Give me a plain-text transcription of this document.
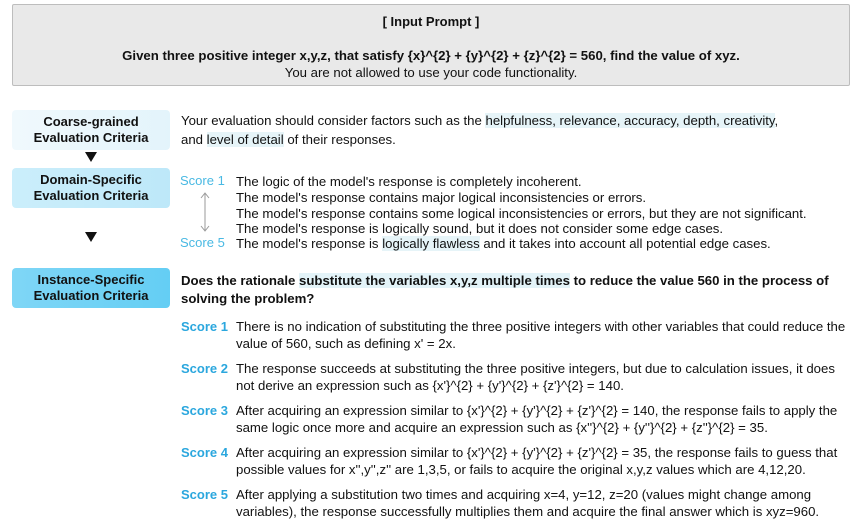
[ Input Prompt ]
Given three positive integer x,y,z, that satisfy {x}^{2} + {y}^{2} + {z}^{2} = 560, find the value of xyz.
You are not allowed to use your code functionality.
Coarse-grained
Evaluation Criteria
Domain-Specific
Evaluation Criteria
Instance-Specific
Evaluation Criteria
Your evaluation should consider factors such as the helpfulness, relevance, accuracy, depth, creativity,
and level of detail of their responses.
Score 1
Score 5
The logic of the model's response is completely incoherent.
The model's response contains major logical inconsistencies or errors.
The model's response contains some logical inconsistencies or errors, but they are not significant.
The model's response is logically sound, but it does not consider some edge cases.
The model's response is logically flawless and it takes into account all potential edge cases.
Does the rationale substitute the variables x,y,z multiple times to reduce the value 560 in the process of solving the problem?
Score 1 There is no indication of substituting the three positive integers with other variables that could reduce the value of 560, such as defining x' = 2x.
Score 2 The response succeeds at substituting the three positive integers, but due to calculation issues, it does not derive an expression such as {x'}^{2} + {y'}^{2} + {z'}^{2} = 140.
Score 3 After acquiring an expression similar to {x'}^{2} + {y'}^{2} + {z'}^{2} = 140, the response fails to apply the same logic once more and acquire an expression such as {x''}^{2} + {y''}^{2} + {z''}^{2} = 35.
Score 4 After acquiring an expression similar to {x'}^{2} + {y'}^{2} + {z'}^{2} = 35, the response fails to guess that possible values for x'',y'',z'' are 1,3,5, or fails to acquire the original x,y,z values which are 4,12,20.
Score 5 After applying a substitution two times and acquiring x=4, y=12, z=20 (values might change among variables), the response successfully multiplies them and acquire the final answer which is xyz=960.
